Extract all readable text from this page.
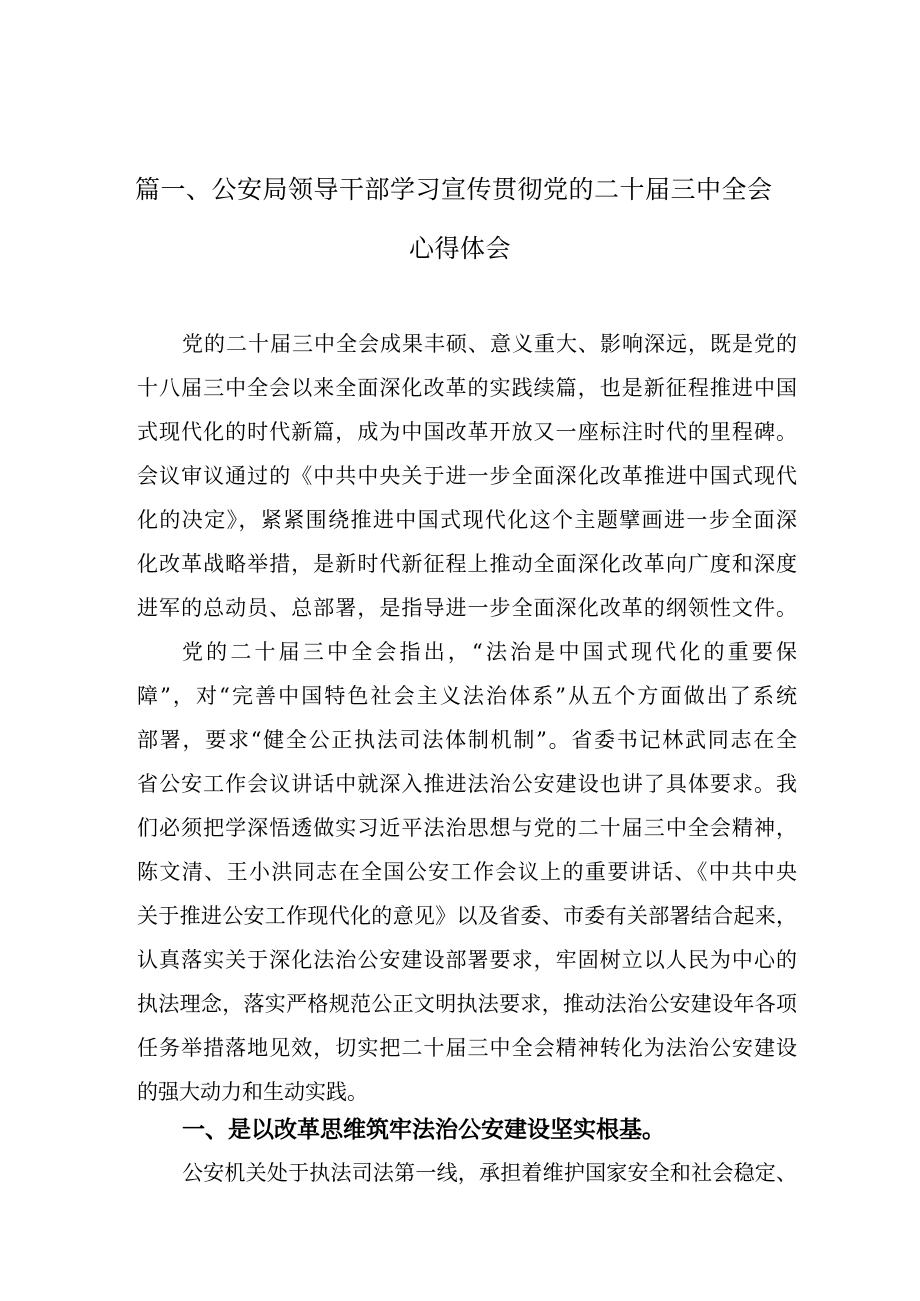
篇一、公安局领导干部学习宣传贯彻党的二十届三中全会
心得体会
党的二十届三中全会成果丰硕、意义重大、影响深远，既是党的
十八届三中全会以来全面深化改革的实践续篇，也是新征程推进中国
式现代化的时代新篇，成为中国改革开放又一座标注时代的里程碑。
会议审议通过的《中共中央关于进一步全面深化改革推进中国式现代
化的决定》，紧紧围绕推进中国式现代化这个主题擘画进一步全面深
化改革战略举措，是新时代新征程上推动全面深化改革向广度和深度
进军的总动员、总部署，是指导进一步全面深化改革的纲领性文件。
党的二十届三中全会指出，“法治是中国式现代化的重要保
障”，对“完善中国特色社会主义法治体系”从五个方面做出了系统
部署，要求“健全公正执法司法体制机制”。省委书记林武同志在全
省公安工作会议讲话中就深入推进法治公安建设也讲了具体要求。我
们必须把学深悟透做实习近平法治思想与党的二十届三中全会精神，
陈文清、王小洪同志在全国公安工作会议上的重要讲话、《中共中央
关于推进公安工作现代化的意见》以及省委、市委有关部署结合起来，
认真落实关于深化法治公安建设部署要求，牢固树立以人民为中心的
执法理念，落实严格规范公正文明执法要求，推动法治公安建设年各项
任务举措落地见效，切实把二十届三中全会精神转化为法治公安建设
的强大动力和生动实践。
一、是以改革思维筑牢法治公安建设坚实根基。
公安机关处于执法司法第一线，承担着维护国家安全和社会稳定、
